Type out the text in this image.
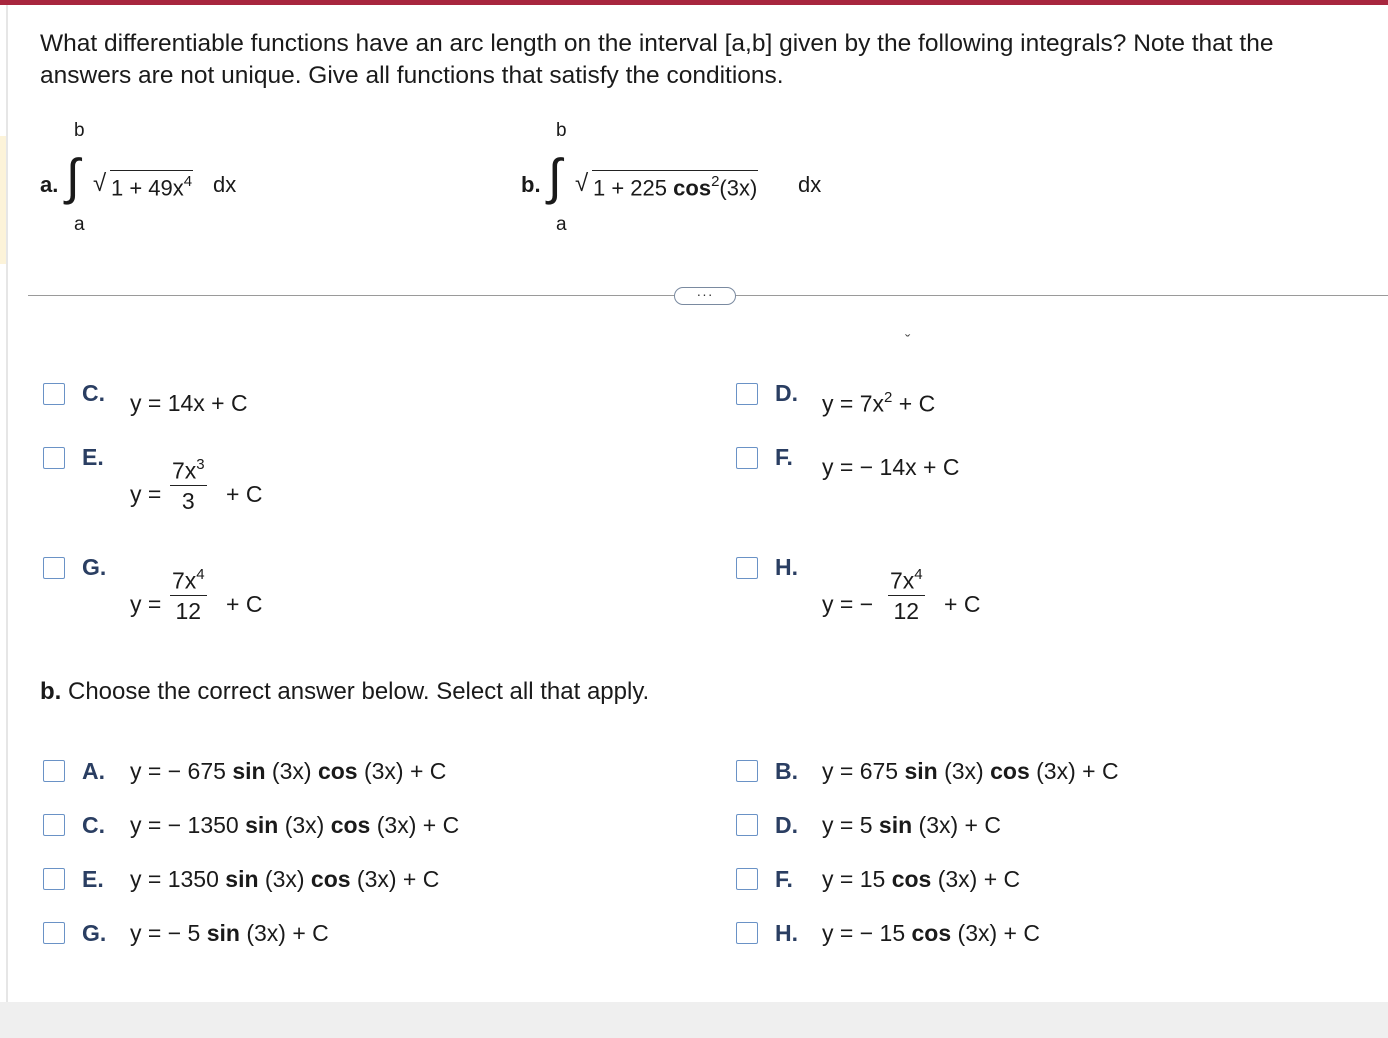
What differentiable functions have an arc length on the interval [a,b] given by the following integrals? Note that the answers are not unique. Give all functions that satisfy the conditions.

a.
b
∫
a
√ $1 + 49x^4$ dx	b.
b
∫
a
√ 1 + 225 $\cos^2(3x)$ dx
···
ˇ
C. y = 14x + C	D. $y = 7x^2 + C$
E.
$y = \frac{7x^3}{3} + C$
F. y = − 14x + C
G.
$y = \frac{7x^4}{12} + C$
H.
y = − $\frac{7x^4}{12} + C$
b. Choose the correct answer below. Select all that apply.
A. y = − 675 sin (3x) cos (3x) + C	B. y = 675 sin (3x) cos (3x) + C
C. y = − 1350 sin (3x) cos (3x) + C	D. y = 5 sin (3x) + C
E. y = 1350 sin (3x) cos (3x) + C	F. y = 15 cos (3x) + C
G. y = − 5 sin (3x) + C	H. y = − 15 cos (3x) + C
